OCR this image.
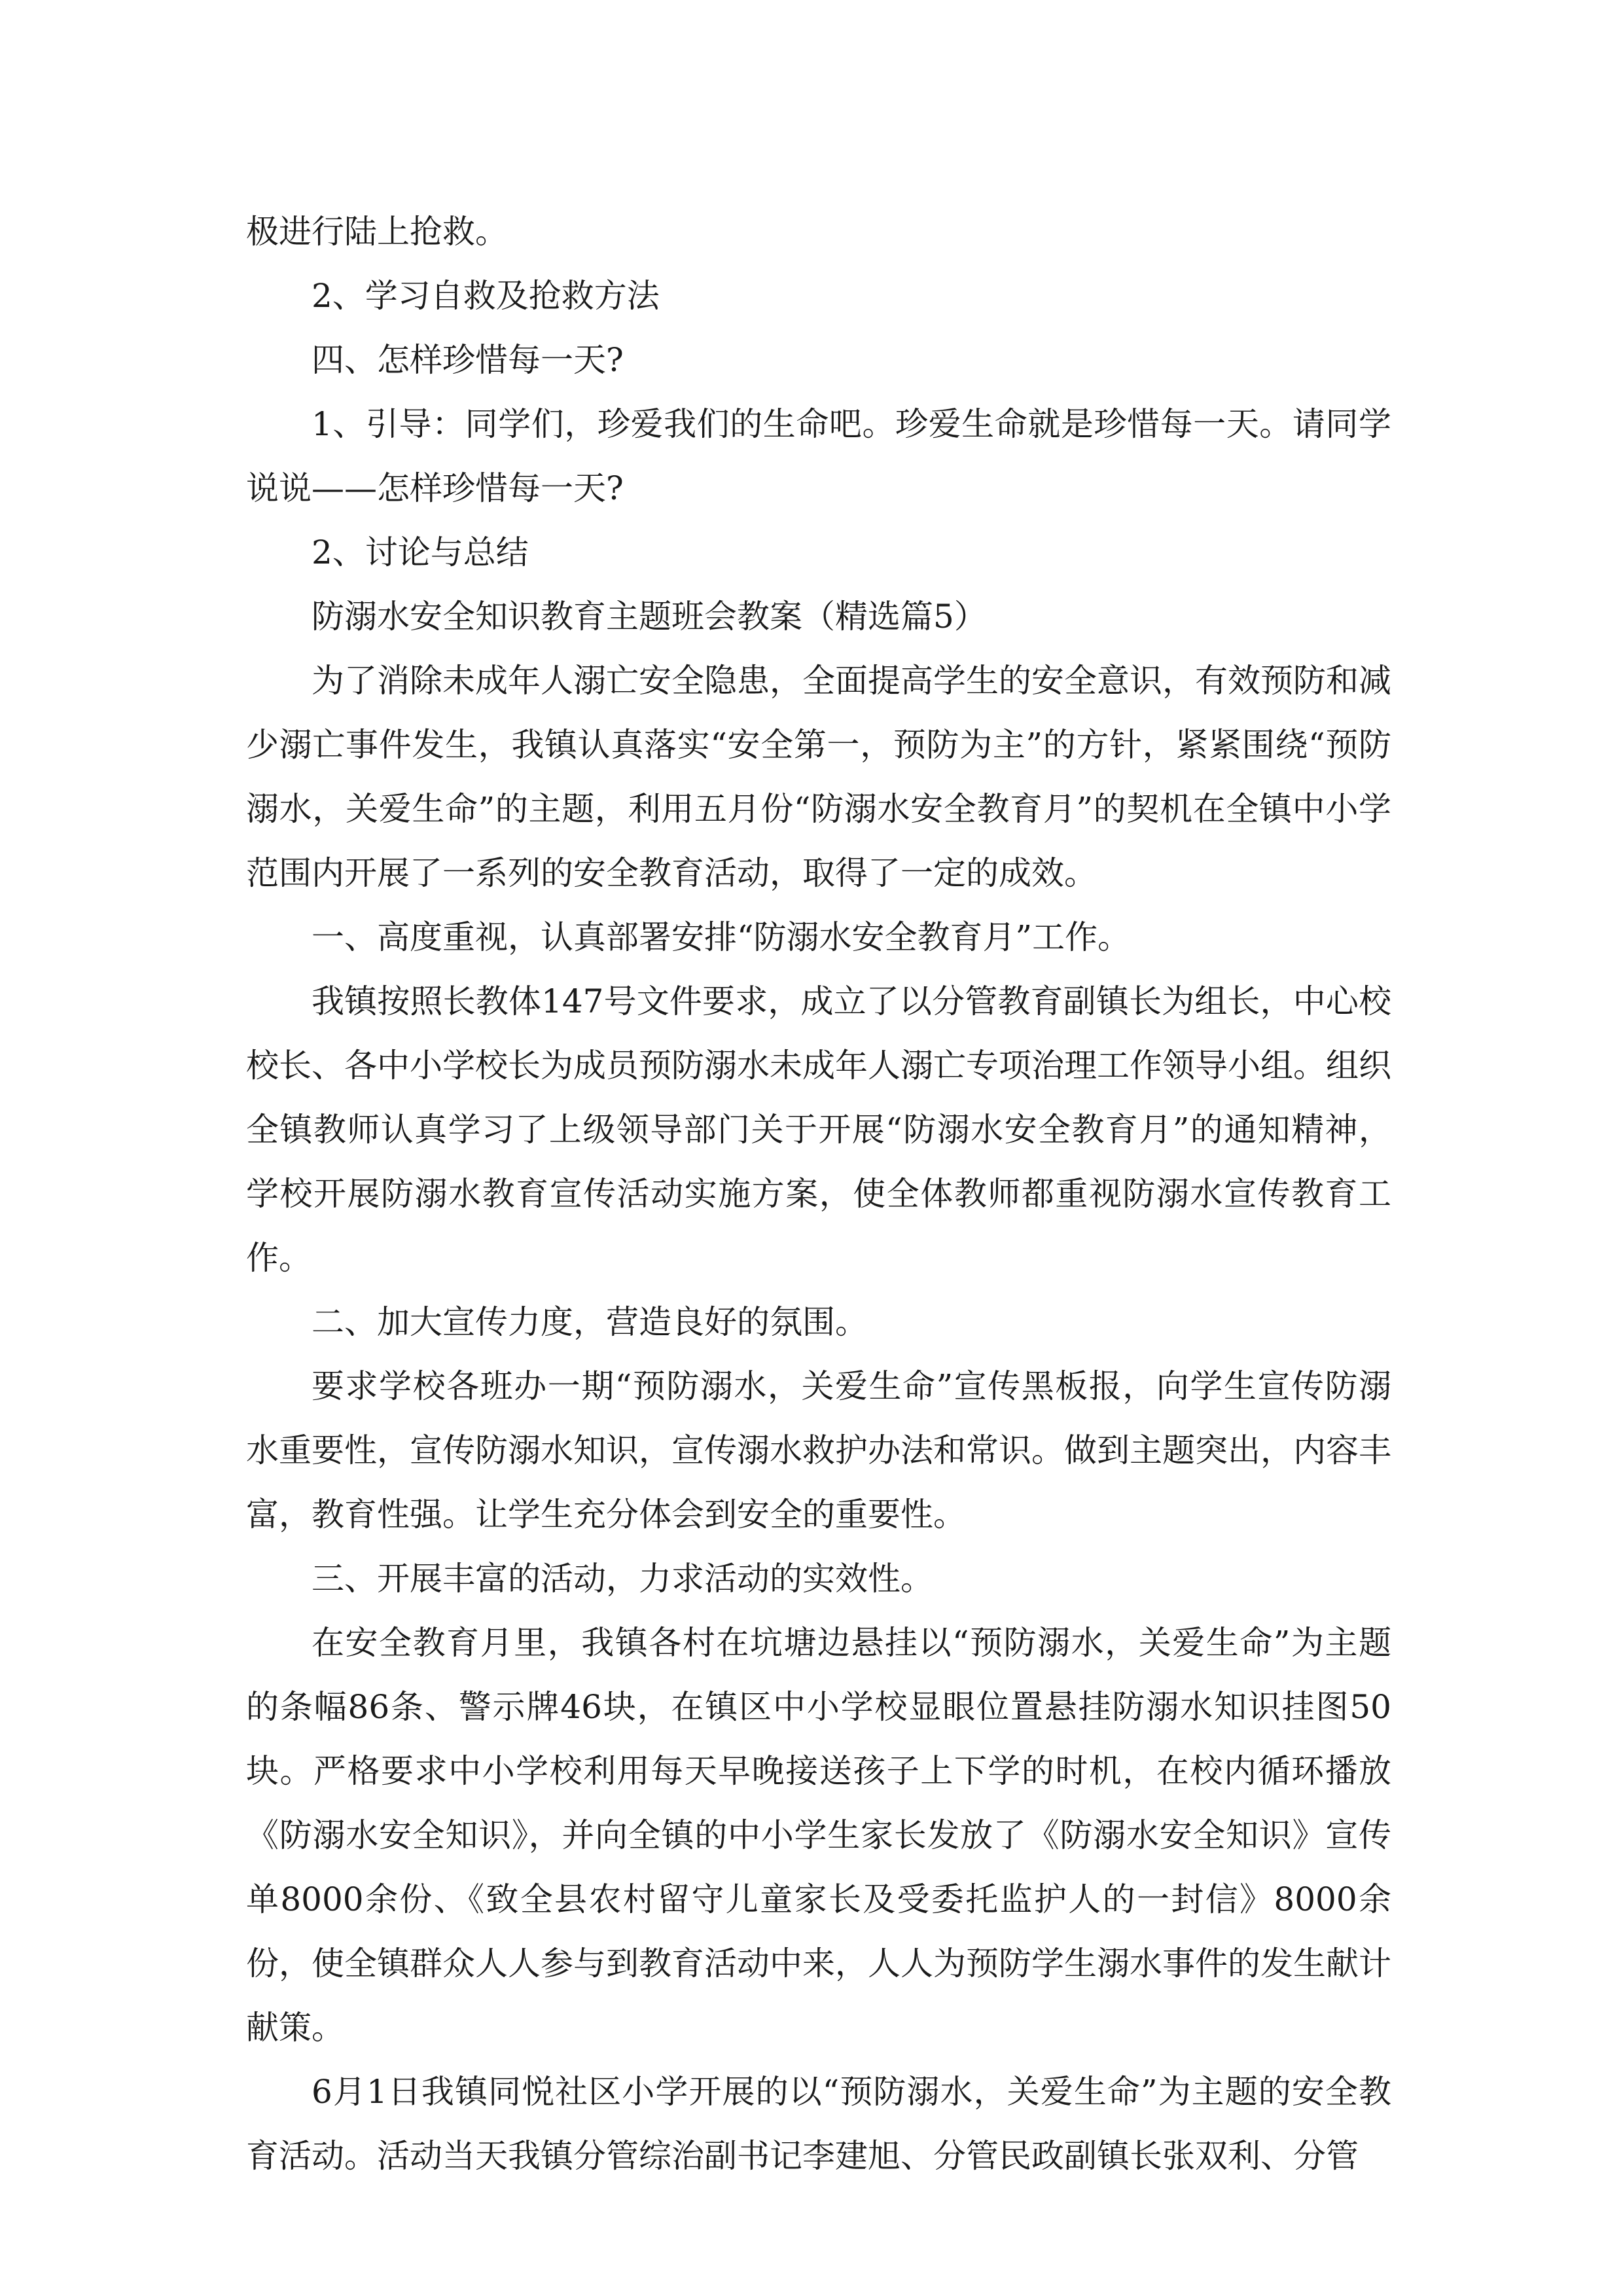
极进行陆上抢救。

2、学习自救及抢救方法

四、怎样珍惜每一天?

1、引导：同学们，珍爱我们的生命吧。珍爱生命就是珍惜每一天。请同学说说——怎样珍惜每一天?

2、讨论与总结

防溺水安全知识教育主题班会教案（精选篇5）

为了消除未成年人溺亡安全隐患，全面提高学生的安全意识，有效预防和减少溺亡事件发生，我镇认真落实“安全第一，预防为主”的方针，紧紧围绕“预防溺水，关爱生命”的主题，利用五月份“防溺水安全教育月”的契机在全镇中小学范围内开展了一系列的安全教育活动，取得了一定的成效。

一、高度重视，认真部署安排“防溺水安全教育月”工作。

我镇按照长教体147号文件要求，成立了以分管教育副镇长为组长，中心校校长、各中小学校长为成员预防溺水未成年人溺亡专项治理工作领导小组。组织全镇教师认真学习了上级领导部门关于开展“防溺水安全教育月”的通知精神，学校开展防溺水教育宣传活动实施方案，使全体教师都重视防溺水宣传教育工作。

二、加大宣传力度，营造良好的氛围。

要求学校各班办一期“预防溺水，关爱生命”宣传黑板报，向学生宣传防溺水重要性，宣传防溺水知识，宣传溺水救护办法和常识。做到主题突出，内容丰富，教育性强。让学生充分体会到安全的重要性。

三、开展丰富的活动，力求活动的实效性。

在安全教育月里，我镇各村在坑塘边悬挂以“预防溺水，关爱生命”为主题的条幅86条、警示牌46块，在镇区中小学校显眼位置悬挂防溺水知识挂图50块。严格要求中小学校利用每天早晚接送孩子上下学的时机，在校内循环播放《防溺水安全知识》，并向全镇的中小学生家长发放了《防溺水安全知识》宣传单8000余份、《致全县农村留守儿童家长及受委托监护人的一封信》8000余份，使全镇群众人人参与到教育活动中来，人人为预防学生溺水事件的发生献计献策。

6月1日我镇同悦社区小学开展的以“预防溺水，关爱生命”为主题的安全教育活动。活动当天我镇分管综治副书记李建旭、分管民政副镇长张双利、分管
